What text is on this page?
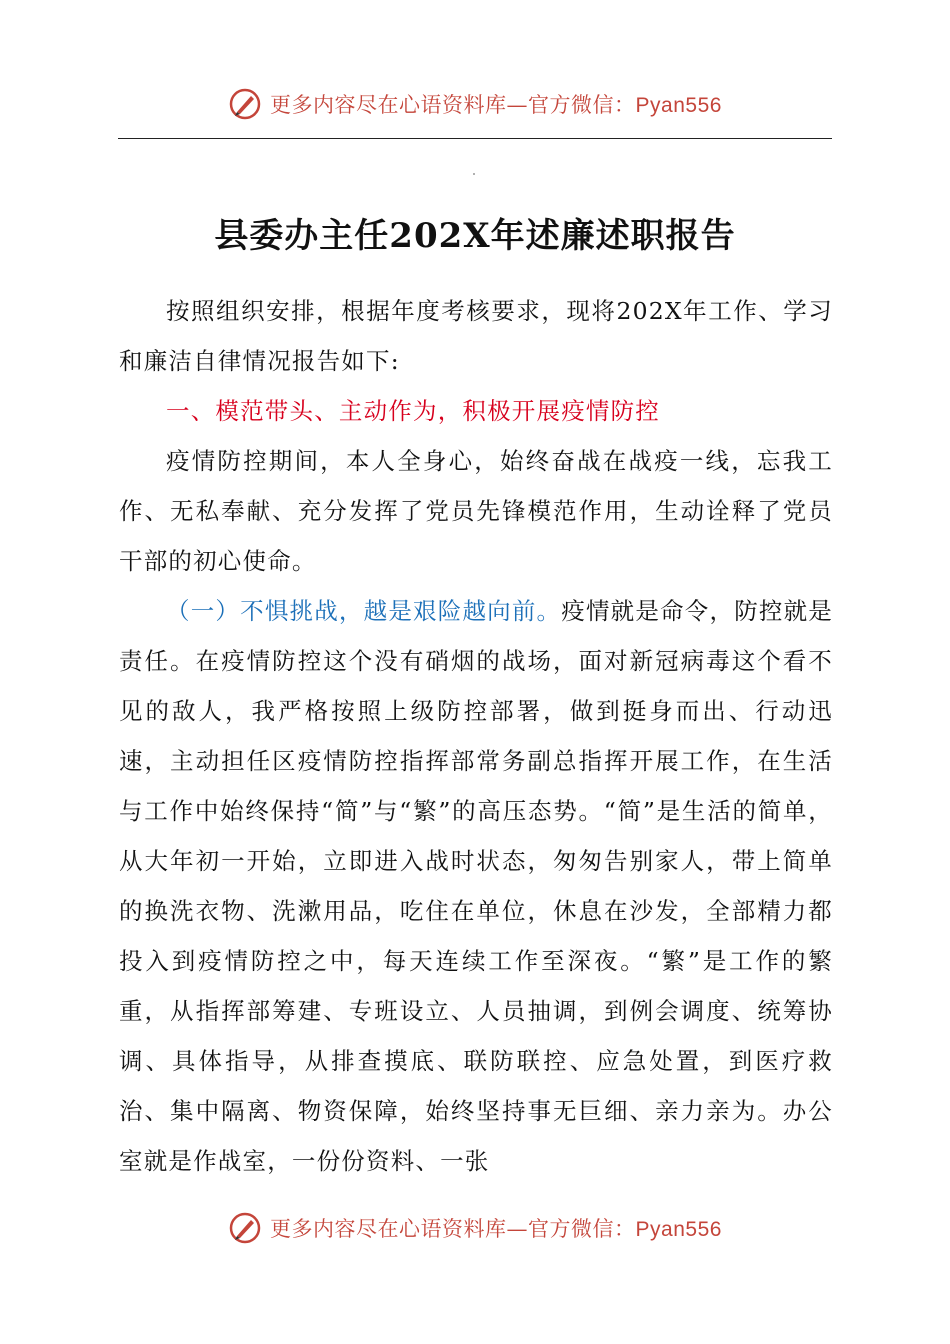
更多内容尽在心语资料库—官方微信：Pyan556
县委办主任202X年述廉述职报告

按照组织安排，根据年度考核要求，现将202X年工作、学习和廉洁自律情况报告如下:

一、模范带头、主动作为，积极开展疫情防控

疫情防控期间，本人全身心，始终奋战在战疫一线，忘我工作、无私奉献、充分发挥了党员先锋模范作用，生动诠释了党员干部的初心使命。

（一）不惧挑战，越是艰险越向前。疫情就是命令，防控就是责任。在疫情防控这个没有硝烟的战场，面对新冠病毒这个看不见的敌人，我严格按照上级防控部署，做到挺身而出、行动迅速，主动担任区疫情防控指挥部常务副总指挥开展工作，在生活与工作中始终保持“简”与“繁”的高压态势。“简”是生活的简单，从大年初一开始，立即进入战时状态，匆匆告别家人，带上简单的换洗衣物、洗漱用品，吃住在单位，休息在沙发，全部精力都投入到疫情防控之中，每天连续工作至深夜。“繁”是工作的繁重，从指挥部筹建、专班设立、人员抽调，到例会调度、统筹协调、具体指导，从排查摸底、联防联控、应急处置，到医疗救治、集中隔离、物资保障，始终坚持事无巨细、亲力亲为。办公室就是作战室，一份份资料、一张

更多内容尽在心语资料库—官方微信：Pyan556
